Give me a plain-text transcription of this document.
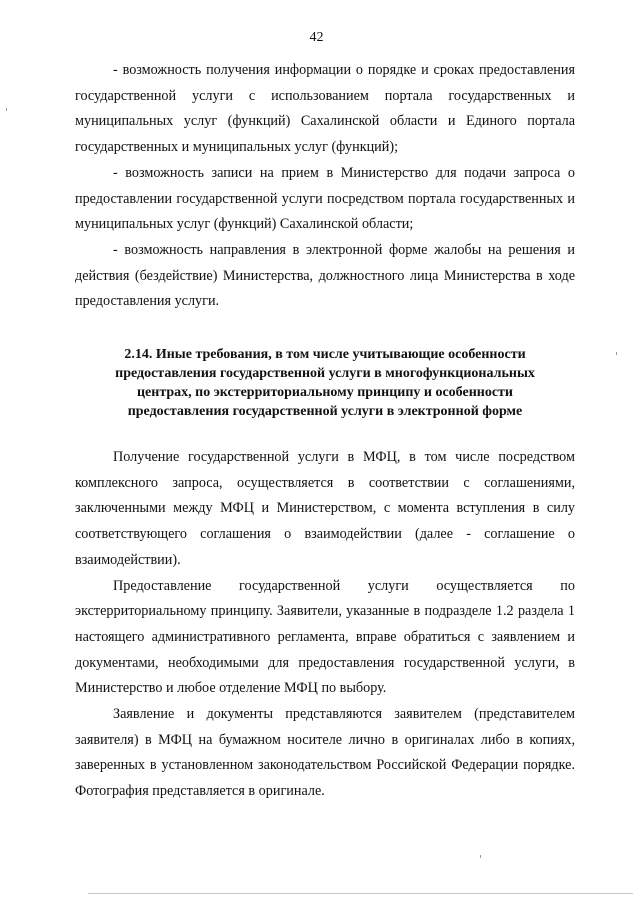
42

- возможность получения информации о порядке и сроках предоставления государственной услуги с использованием портала государственных и муниципальных услуг (функций) Сахалинской области и Единого портала государственных и муниципальных услуг (функций);

- возможность записи на прием в Министерство для подачи запроса о предоставлении государственной услуги посредством портала государственных и муниципальных услуг (функций) Сахалинской области;

- возможность направления в электронной форме жалобы на решения и действия (бездействие) Министерства, должностного лица Министерства в ходе предоставления услуги.

2.14. Иные требования, в том числе учитывающие особенности предоставления государственной услуги в многофункциональных центрах, по экстерриториальному принципу и особенности предоставления государственной услуги в электронной форме

Получение государственной услуги в МФЦ, в том числе посредством комплексного запроса, осуществляется в соответствии с соглашениями, заключенными между МФЦ и Министерством, с момента вступления в силу соответствующего соглашения о взаимодействии (далее - соглашение о взаимодействии).

Предоставление государственной услуги осуществляется по экстерриториальному принципу. Заявители, указанные в подразделе 1.2 раздела 1 настоящего административного регламента, вправе обратиться с заявлением и документами, необходимыми для предоставления государственной услуги, в Министерство и любое отделение МФЦ по выбору.

Заявление и документы представляются заявителем (представителем заявителя) в МФЦ на бумажном носителе лично в оригиналах либо в копиях, заверенных в установленном законодательством Российской Федерации порядке. Фотография представляется в оригинале.
